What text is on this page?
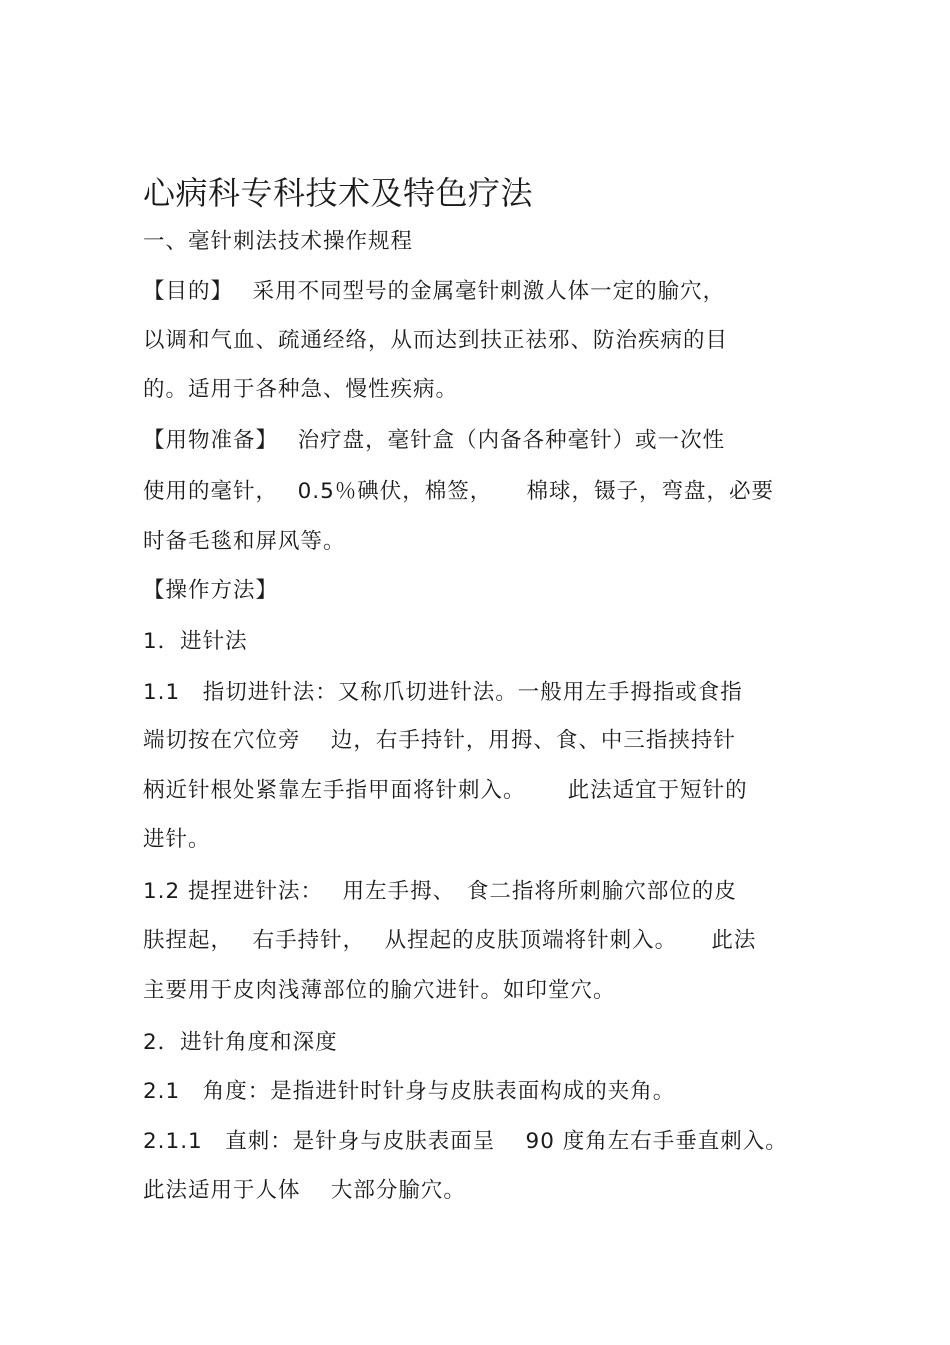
心病科专科技术及特色疗法
一、毫针刺法技术操作规程
【目的】　 采用不同型号的金属毫针刺激人体一定的腧穴，
以调和气血、疏通经络，从而达到扶正祛邪、防治疾病的目
的。适用于各种急、慢性疾病。
【用物准备】　 治疗盘，毫针盒（内备各种毫针）或一次性
使用的毫针，　 0.5％碘伏，棉签，　　棉球，镊子，弯盘，必要
时备毛毯和屏风等。
【操作方法】
1．进针法
1.1　指切进针法：又称爪切进针法。一般用左手拇指或食指
端切按在穴位旁　 边，右手持针，用拇、食、中三指挟持针
柄近针根处紧靠左手指甲面将针刺入。　　 此法适宜于短针的
进针。
1.2 提捏进针法：　 用左手拇、　食二指将所刺腧穴部位的皮
肤捏起，　 右手持针，　 从捏起的皮肤顶端将针刺入。　　此法
主要用于皮肉浅薄部位的腧穴进针。如印堂穴。
2．进针角度和深度
2.1　角度：是指进针时针身与皮肤表面构成的夹角。
2.1.1　直刺：是针身与皮肤表面呈　 90 度角左右手垂直刺入。
此法适用于人体　 大部分腧穴。
